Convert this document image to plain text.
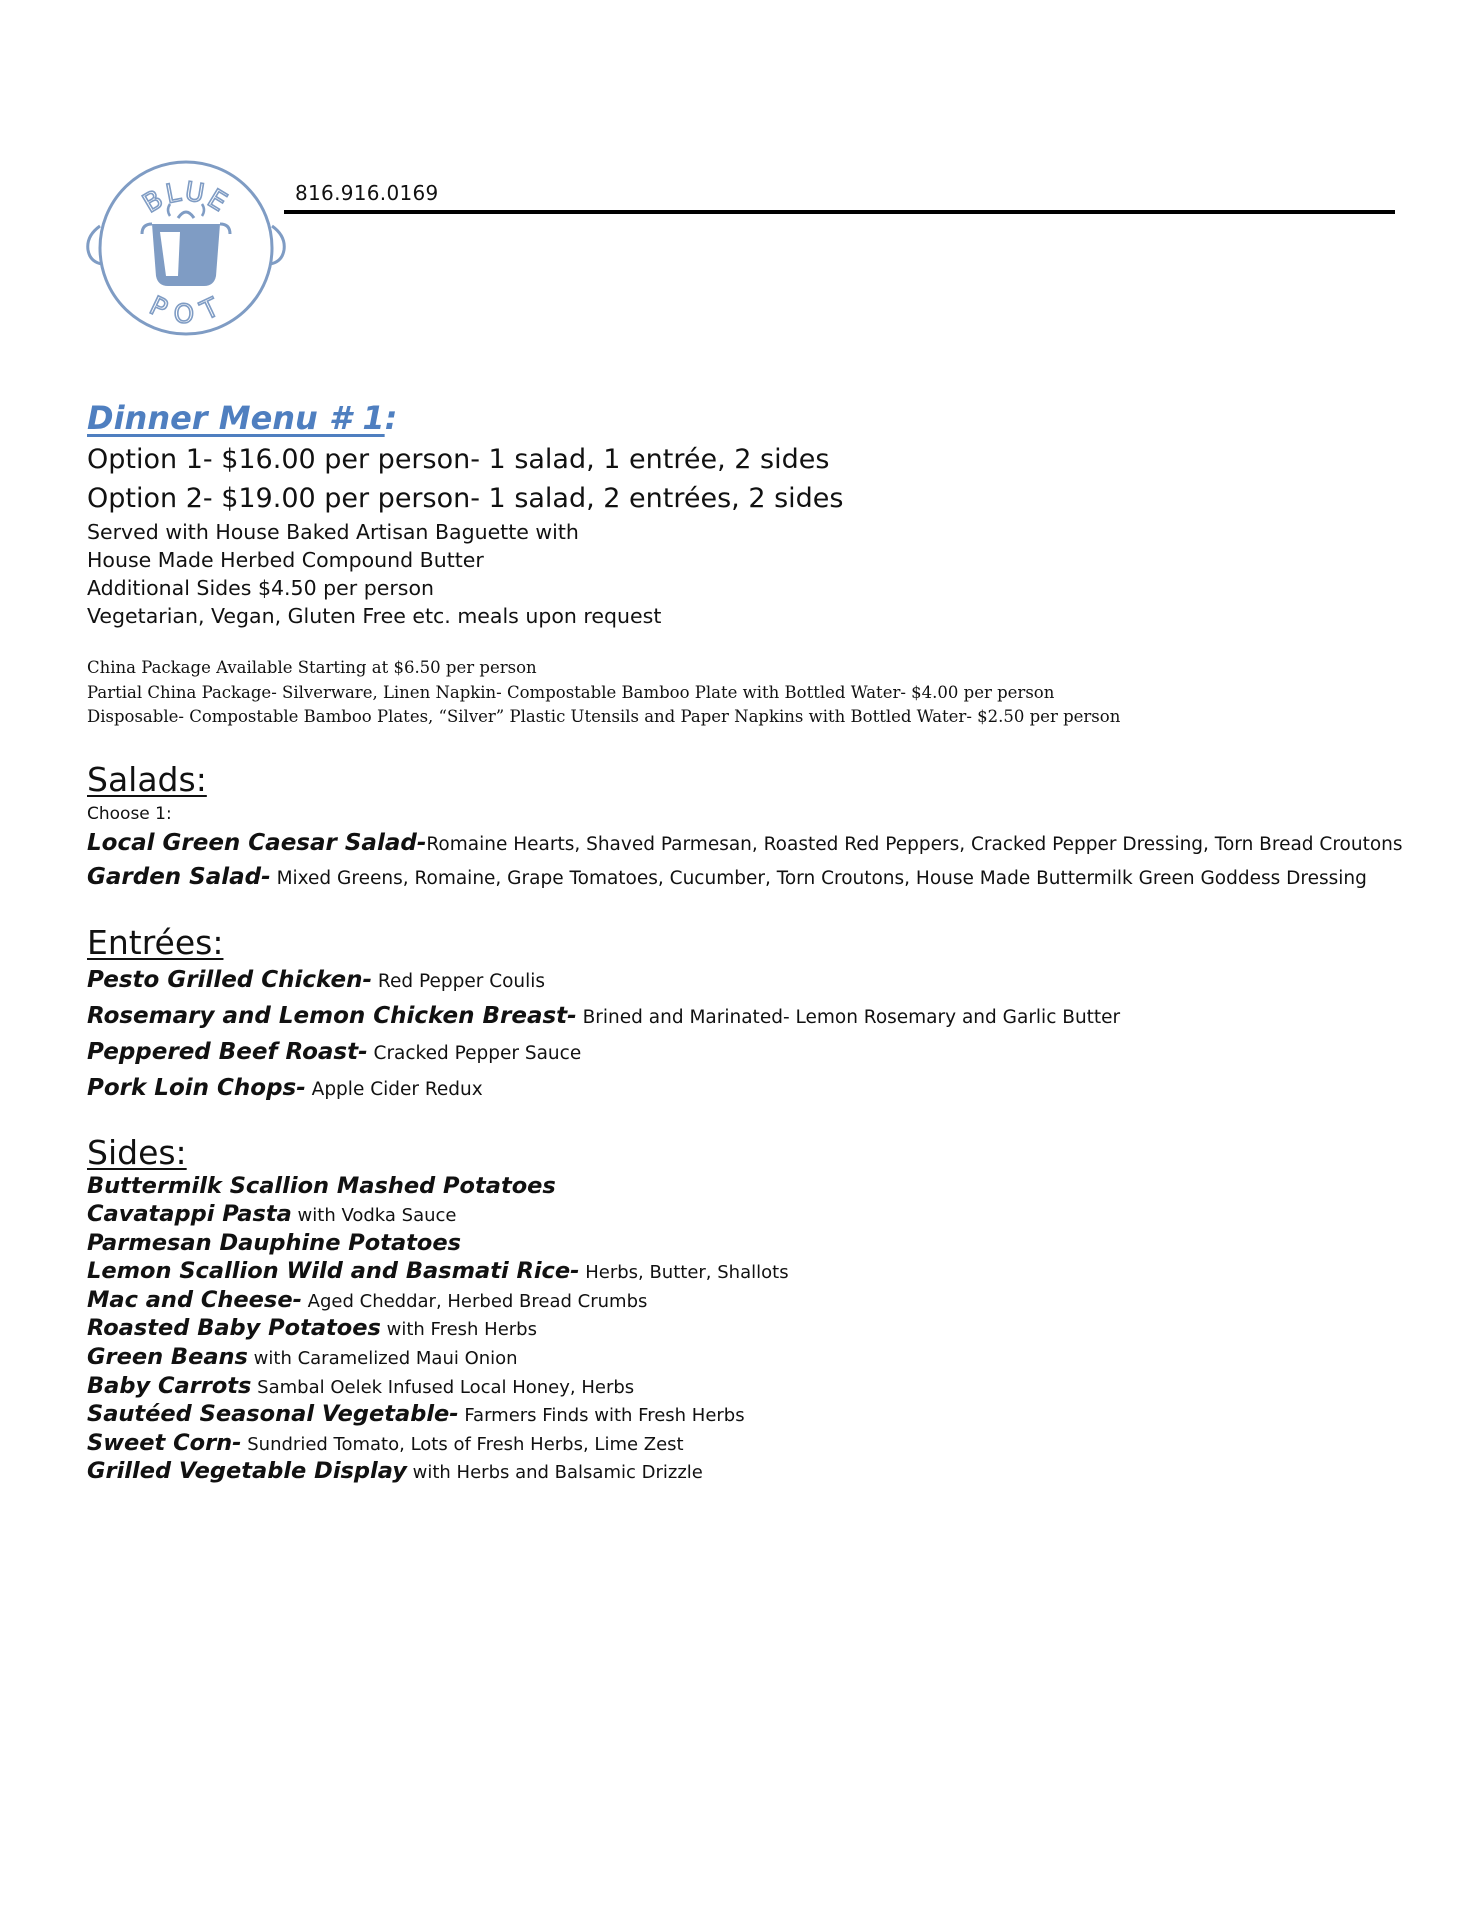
BLUE
POT
816.916.0169

Dinner Menu # 1:

Option 1- $16.00 per person- 1 salad, 1 entrée, 2 sides

Option 2- $19.00 per person- 1 salad, 2 entrées, 2 sides

Served with House Baked Artisan Baguette with

House Made Herbed Compound Butter

Additional Sides $4.50 per person

Vegetarian, Vegan, Gluten Free etc. meals upon request

China Package Available Starting at $6.50 per person

Partial China Package- Silverware, Linen Napkin- Compostable Bamboo Plate with Bottled Water- $4.00 per person

Disposable- Compostable Bamboo Plates, “Silver” Plastic Utensils and Paper Napkins with Bottled Water- $2.50 per person

Salads:

Choose 1:

Local Green Caesar Salad-Romaine Hearts, Shaved Parmesan, Roasted Red Peppers, Cracked Pepper Dressing, Torn Bread Croutons

Garden Salad- Mixed Greens, Romaine, Grape Tomatoes, Cucumber, Torn Croutons, House Made Buttermilk Green Goddess Dressing

Entrées:

Pesto Grilled Chicken- Red Pepper Coulis

Rosemary and Lemon Chicken Breast- Brined and Marinated- Lemon Rosemary and Garlic Butter

Peppered Beef Roast- Cracked Pepper Sauce

Pork Loin Chops- Apple Cider Redux

Sides:

Buttermilk Scallion Mashed Potatoes

Cavatappi Pasta with Vodka Sauce

Parmesan Dauphine Potatoes

Lemon Scallion Wild and Basmati Rice- Herbs, Butter, Shallots

Mac and Cheese- Aged Cheddar, Herbed Bread Crumbs

Roasted Baby Potatoes with Fresh Herbs

Green Beans with Caramelized Maui Onion

Baby Carrots Sambal Oelek Infused Local Honey, Herbs

Sautéed Seasonal Vegetable- Farmers Finds with Fresh Herbs

Sweet Corn- Sundried Tomato, Lots of Fresh Herbs, Lime Zest

Grilled Vegetable Display with Herbs and Balsamic Drizzle
